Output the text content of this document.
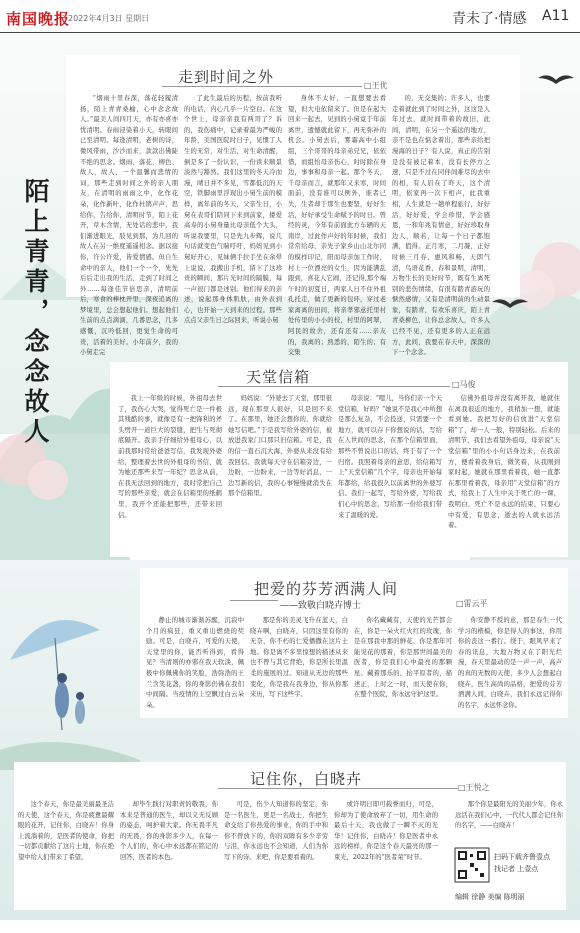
南国晚报
2022年4月3日 星期日	青未了·情感 A11
陌上青青，念念故人
走到时间之外	□王优

“烟雨十里春深，落花轻履清扬，陌上青青桑榆，心中念念故人。”最美人间四月天，亦有亦喜亦忧清明。春雨浸染着小天，转眼间已至清明。每逢清明，老树的诗，微风带雨，沙沙而来，款款出佛陡不绝的思念。烟雨、落花、柳色、故人，故人，一个温馨而悲情的词，那些走到时间之外的亲人朋友，在清明的雨雨之中，化作花朵，化作新叶，化作杜鹃声声，思给你，告给你，清明时节，陌上花开，草木含情，无处话的悲中，我们渐进眼光，肢见到那，为几回的故人在另一维度遥遥相念。据以接你，许公许爱，皆爱情感。但自生命中的亲人，他们一个一个，先先后后走出我的生活，走到了时间之外……每逢佳节倍思亲，清明前后，寒食的棒枕开里，深夜追离的梦境里，总会想起他们。想起他们生前的点点滴滴，几番思念，几多感慨，沉吟低回，更觉生命的可贵，活着的美好。小年前夕，我的小舅走完

了此生最后的历程，按前我听的电话，内心几乎一片空白。在这个世上，母亲亲我有两哥了？诉的，我伤痛中，记录着最为严峻的年龄，美国医院时日子，见惯了人生的无常，对生活，对生命清醒，倒是多了一份认识，一份读来顺景淡然与豁然。我们这里的冬天冷而漫，晴日并不多见，雪都低沉的天空，铁脚雨里浮现出小舅生前的模样，离年前的冬天，父亲生日，小舅在表哥们陪同下来到前家，搂爱高寿的小舅身量比母亲低个大头，听说我要里，只是先九步辉，说几句话就变色气喘吁吁，妈妈见到小舅好开心，见妹俩手拉手坐在余晕上说说，我搬出手机，留下了这珍贵的瞬间，那片光时间的隔膜，每一声很门都是述别。他们得来的亲述，说起那身体肌肤，由外表到心，也开始一天到来的过程。那些点点父亲生日之际回来，听说小舅

身体不太好，一直想要去看望，但大电依留来了。但是在起大回来一起去，见到的小舅竟于年前离世，遗憾就此留下，再无弥补的机会。小舅去后，雾霜高中小组组，三个哥哥的母亲弟兄兄，依依惜，而组怡母亲伤心，时时除在身边，事事和母亲一起。那个冬天，千母亲而言，就那年又来寒，时间面前，没有谁可以例外，谁者已失，生者却于那生也要坚，好好生活，好好承受生命赋予的时日。曾经的灵，今年有前面此方车辆的天南岸，过此作声好的年时候，我们常常给母，亲先子家乡山山北尔同的模样印记，阳而母亲加工作时，村上一位漂亮的女生，因为能满乱跟到，喜花人它闹，还记得,那个端午时的初夏日，两家人日不住外祖孔托走，做了更新的包环，穿过老家离离的田间，将亲孝邪意托里村处传里的小小的校，村里的阿翠，阿民的故舍，还有还有……亲友的，我离的；熟悉的，陌生的；有交集

的，无交集的；许多人，也要走着就此到了时间之外，这这是人年过去，就时间带着的故旧，此间，清明，在另一个遥远的地方，亲不是也在惦念着出，那些亲给把漫海的日子？有人说，真正的告别是没有被记着本，没有长停方之速，只是不过在同伴间难尽的去中的相，有人眉在了昨天，这个清明，依家再一次下相声，此我重相，人生就是一趟单程旅行，好好活，好好爱，学会珍惜，学会感恩，一和年兆有情意，好好珍取身边人，顺若，让每一个日子都饱满，值得。正月寒，二月凝，正好时候三月春，惠风和畅，天朗气清，鸟语花香，春和景明，清明，万物生长的美好时节，既有生离死别的悲伤情绪，有很有踏青游玩的惬然感情，又有是清明前的生动景象，有踏青，有欢乐喜庆，陌上青青桑柳色，让你总念故人，许多人已经不见，还有更多的人正在远方，此间，我要在春天中，深深的下一个念念。

天堂信箱	□马俊

我上一年级的时候，外祖母去世了，我伤心大哭，觉得死亡是一件极其残酷的事，就像是有一把锋利的斧头劈开一道巨大的裂缝，把生与死彻底隔开。我亲手仔细给外祖母心，以前我那时常给爸爸写信，我发现外婆给，整理着去世的外祖母的书信，就为她还那些来写一年纪？思念从前，在我无法回到的地方，我时常把自己写的那些亲爱，就会在信箱里的纸鹤里，我开个还能把那些，还带来回信。

妈妈说：“外婆去了天堂，那里很远，现在那里人很好，只是回不来了。在那里，她还会想你的，你就给她写信吧。”于是我写给外婆的信，被放进我家门口那只旧信箱。可是，我的信一直石沉大海，外婆从来没有给我回信。我就每天守在信箱旁边，一边盼，一边盼来，一边等好消息，一边写新的信，我的心事慢慢就消失在那个信箱里。

母亲说：“嗯儿，当你们亲一个天堂信箱，好吗？”她说不是我心中所想是那么复杂，不会投送，只需要一个地方，就可以存下你想说的话，写给在人世间的思念，在那个信箱里面，那些不曾说出口的话，终于有了一个归宿。我照着母亲的意思，给信箱写上“天堂信箱”几个字，母亲也开始每年都给，给我很久以前离世的外婆写信。我们一起写，写给外婆，写给我们心中的思念，写给那一份给我们带来了温暖的爱。

信佛外祖母并没有离开我，她就住在离我很近的地方，我稍加一想，就能看到她。我把写好的信放进“天堂信箱”了，却一人一般，特别轻松。后来的清明节，我们去看望外祖母，母亲说“天堂信箱”里的小小句话身边来，在我前方，便看着我身后，微笑着，从我刚到家时起，她就在那里看着我，她一直都在那里看着我，母亲用“天堂信箱”的方式，给我上了人生中关于死亡的一课，我明白，死亡不是永远的结束，只要心中有爱，有思念，逝去的人就永远活着。

把爱的芬芳洒满人间
——致敬白晓卉博士	□雷云平

静止的城市渐渐苏醒，沉寂中个月的疯狂，重又重出燃烧的奖励。可是，白晓卉，可爱的天使，天堂里的你，能否听得到，看得见？当清则的亦邪在我天软淡，佩极中你佩佛你的笑脸，浩弥浩的王兰含笑花盏，你的身影仍佛在我们中间隔。当疫情的上空飘过白云朵朵。

那是你的美灵飞升在蓝天，白晓卉啊，白晓卉，只因这里有你的无奈，你不朽的仁爱播撒在这片土地。你是离不多里惊想的描述从来也不曾与其它背绝，你是所长里温柔的施展的过。知道从无边的那些变化，你是我在我身边，你从你那来历，写下这些字。

你名藏藏有，天使的光芒都会在，你是一朵火红火红的玫瑰，你是在那我中那的鲜花，你是那年可能见花的那着，你是那世间最美的医者，你是我们心中最亮的那颗星。藏着那乐的，抬平原者的，描述正，上时之一时，而天使在你，在整个医院，你永远守护这里。

你安静不授的意，那是春生一代学习的楷模，你是得人的事这，你用你的丧这一番行。绕于，眼风早来了春的讯息，大地万物又在了阳光烂漫，春天里最动的是一声一声，高声的真的无数的天使，多少人会想起白晓卉，医生高尚的品格，把爱的芬芳洒满人间，白晓卉，我们永远记得你的名字，永远怀念你。

记住你，白晓卉	□王悦之

这个春天，你是最美丽最圣洁的天使，这个春天，你是疲惫最耀眼的花开，记住你，白晓卉！你身上流淌着的，是医者的使命，你把一切都贡献给了这片土地，你在绝望中给人们带来了希望。

却毕生践行对职责的敬畏，你本来是普通的医生，却以义无反顾的姿态，呵护着大家。你无畏平凡的无畏，你的身影多少人，在每一个人们的，你心中永远都在铭记的回答，医者的本色。

可是，伤少人知道你的坚定，你是一名医生，更是一名战士，你把生命交给了你热爱的事业，你的手中和你不曾放下的，你的双眸有多少辛劳与泪，你永远也不会知道，人们为你写下的诗。来吧，你是要看着的。

或许明日即可载誉而归，可是，你却为了使命放弃了一切，用生命的最后十天，我也做了一瞬不灭的光华！记住你，白晓卉！你是医者中永远的榜样，你是这个春天最亮的那一束光，2022年的“医者荣”时节。

那个你是最阳光的美丽少年，你永远活在我们心中，一代代人都会记住你的名字，——白晓卉！

扫码下载齐鲁壹点
找记者 上壹点
编辑 徐静 美编 陈明丽
